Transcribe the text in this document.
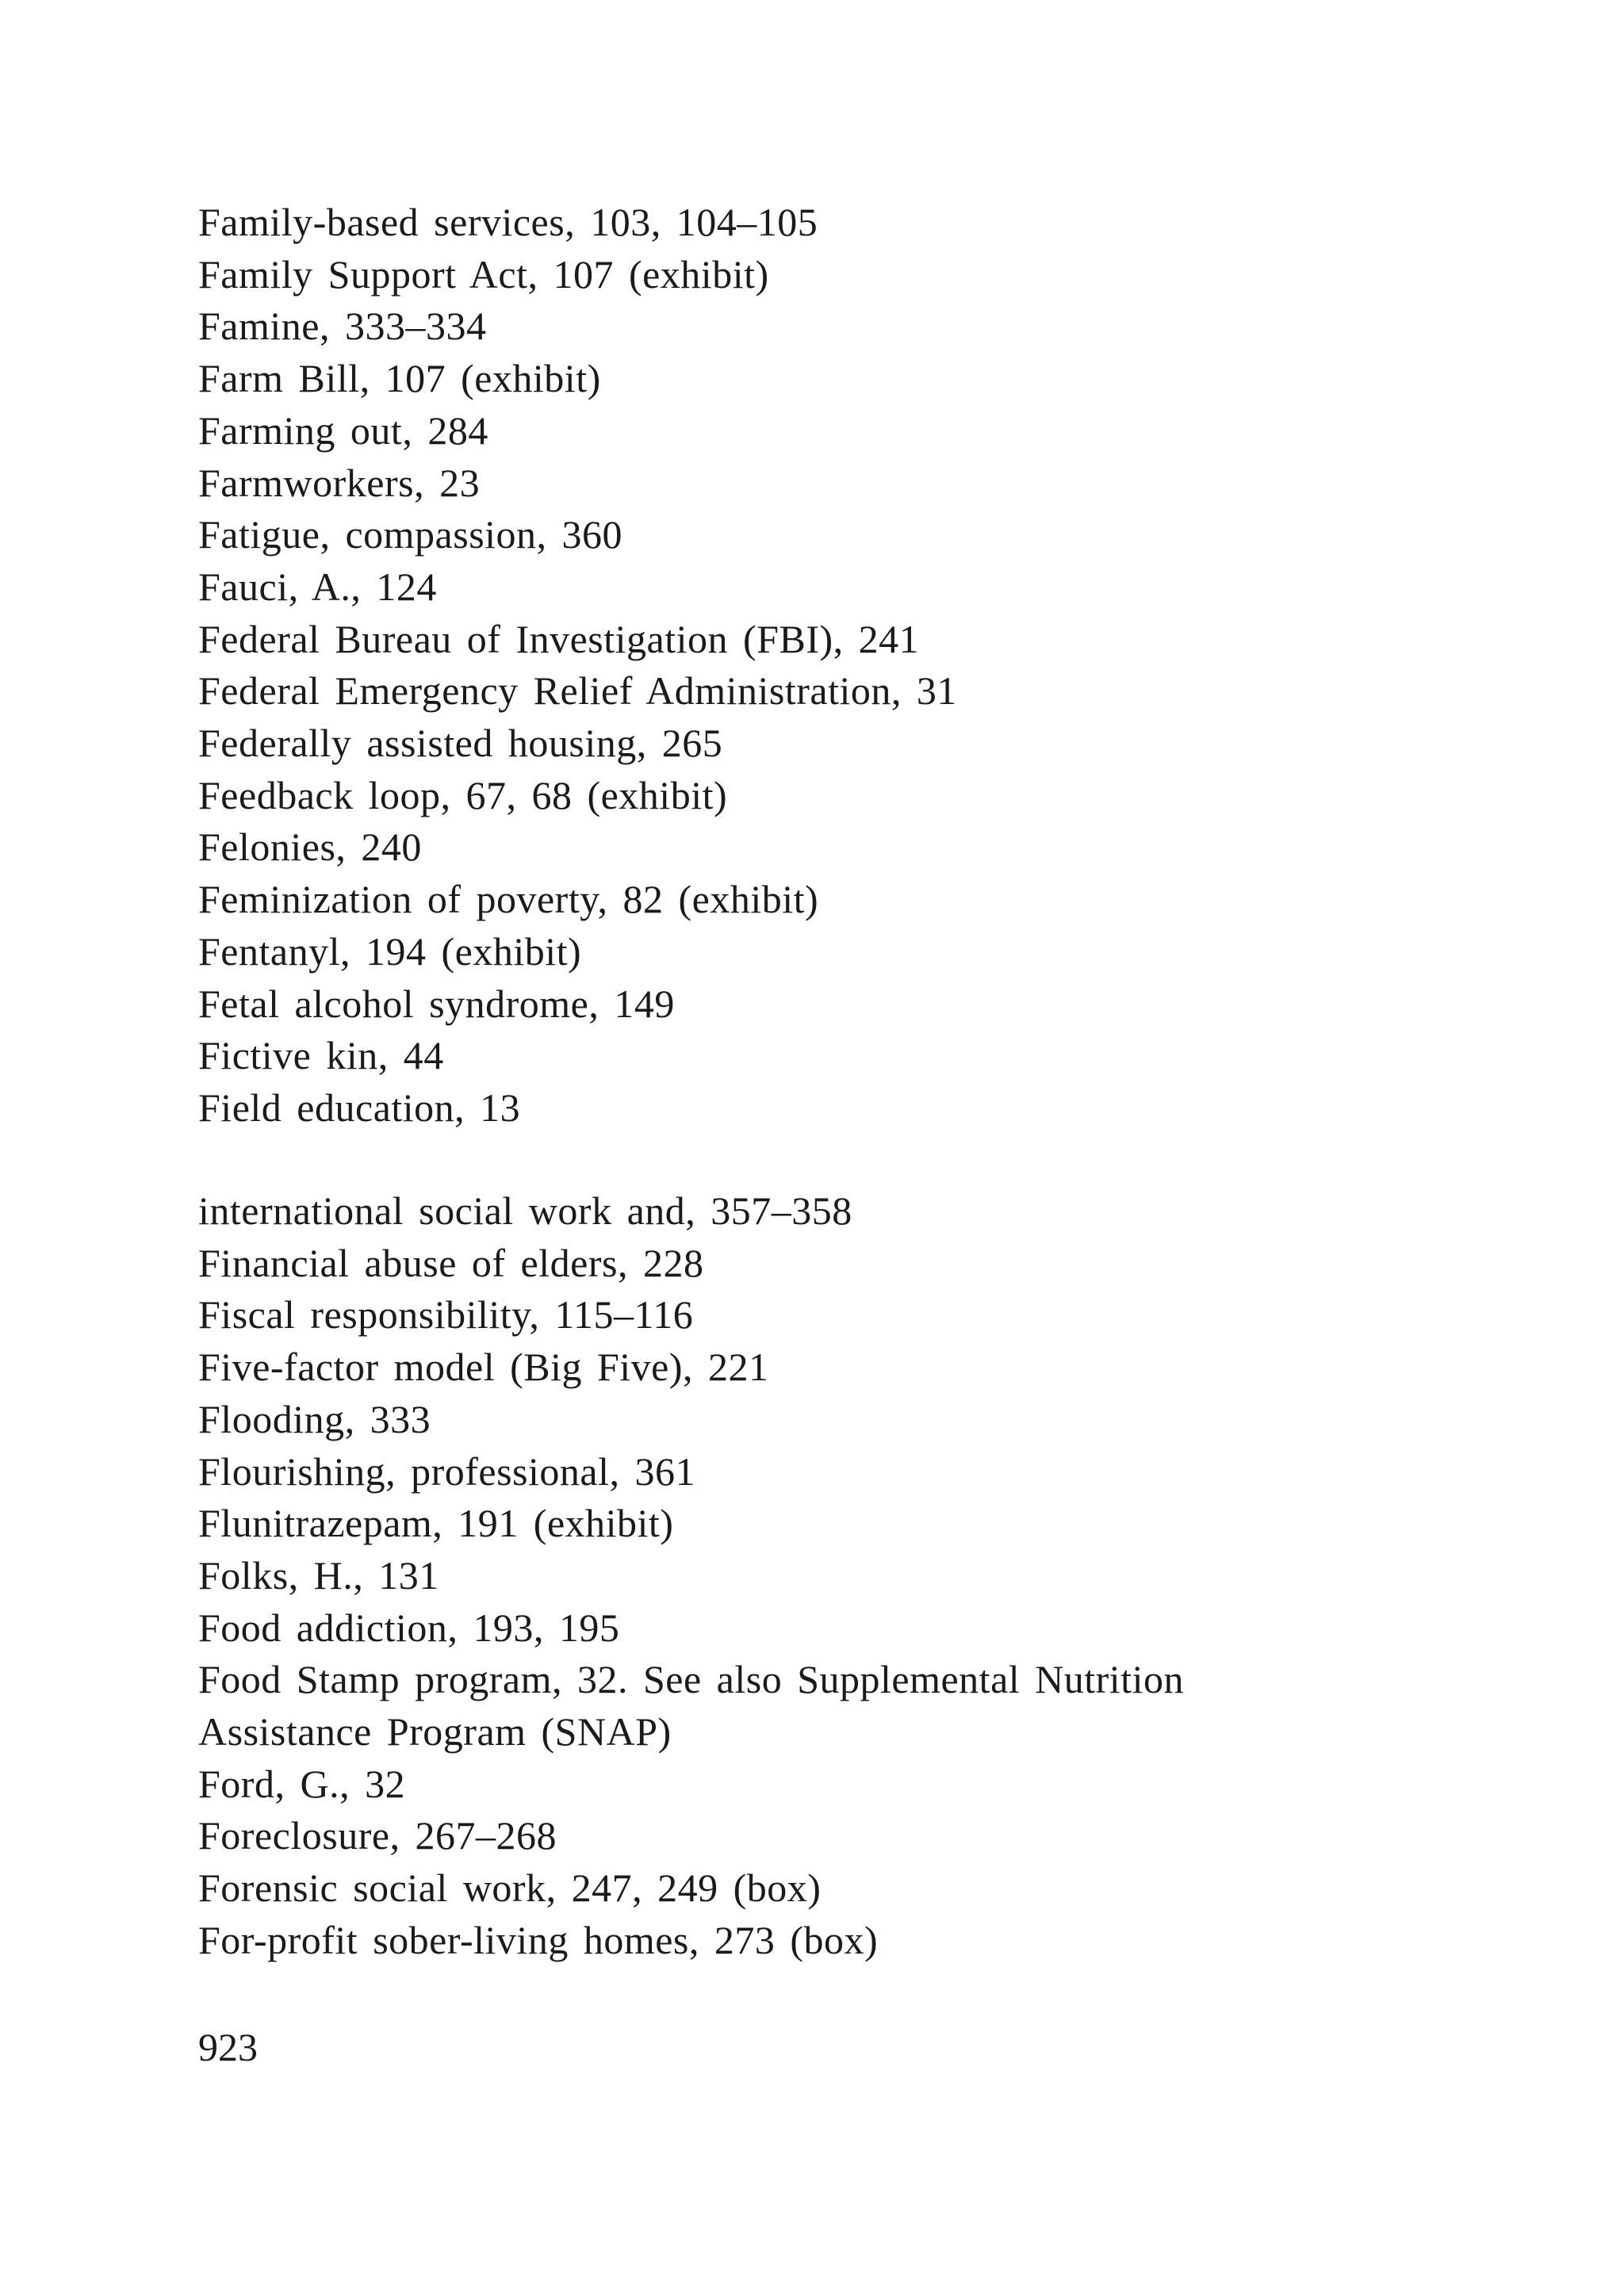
Family-based services, 103, 104–105
Family Support Act, 107 (exhibit)
Famine, 333–334
Farm Bill, 107 (exhibit)
Farming out, 284
Farmworkers, 23
Fatigue, compassion, 360
Fauci, A., 124
Federal Bureau of Investigation (FBI), 241
Federal Emergency Relief Administration, 31
Federally assisted housing, 265
Feedback loop, 67, 68 (exhibit)
Felonies, 240
Feminization of poverty, 82 (exhibit)
Fentanyl, 194 (exhibit)
Fetal alcohol syndrome, 149
Fictive kin, 44
Field education, 13
international social work and, 357–358
Financial abuse of elders, 228
Fiscal responsibility, 115–116
Five-factor model (Big Five), 221
Flooding, 333
Flourishing, professional, 361
Flunitrazepam, 191 (exhibit)
Folks, H., 131
Food addiction, 193, 195
Food Stamp program, 32. See also Supplemental Nutrition
Assistance Program (SNAP)
Ford, G., 32
Foreclosure, 267–268
Forensic social work, 247, 249 (box)
For-profit sober-living homes, 273 (box)
923
